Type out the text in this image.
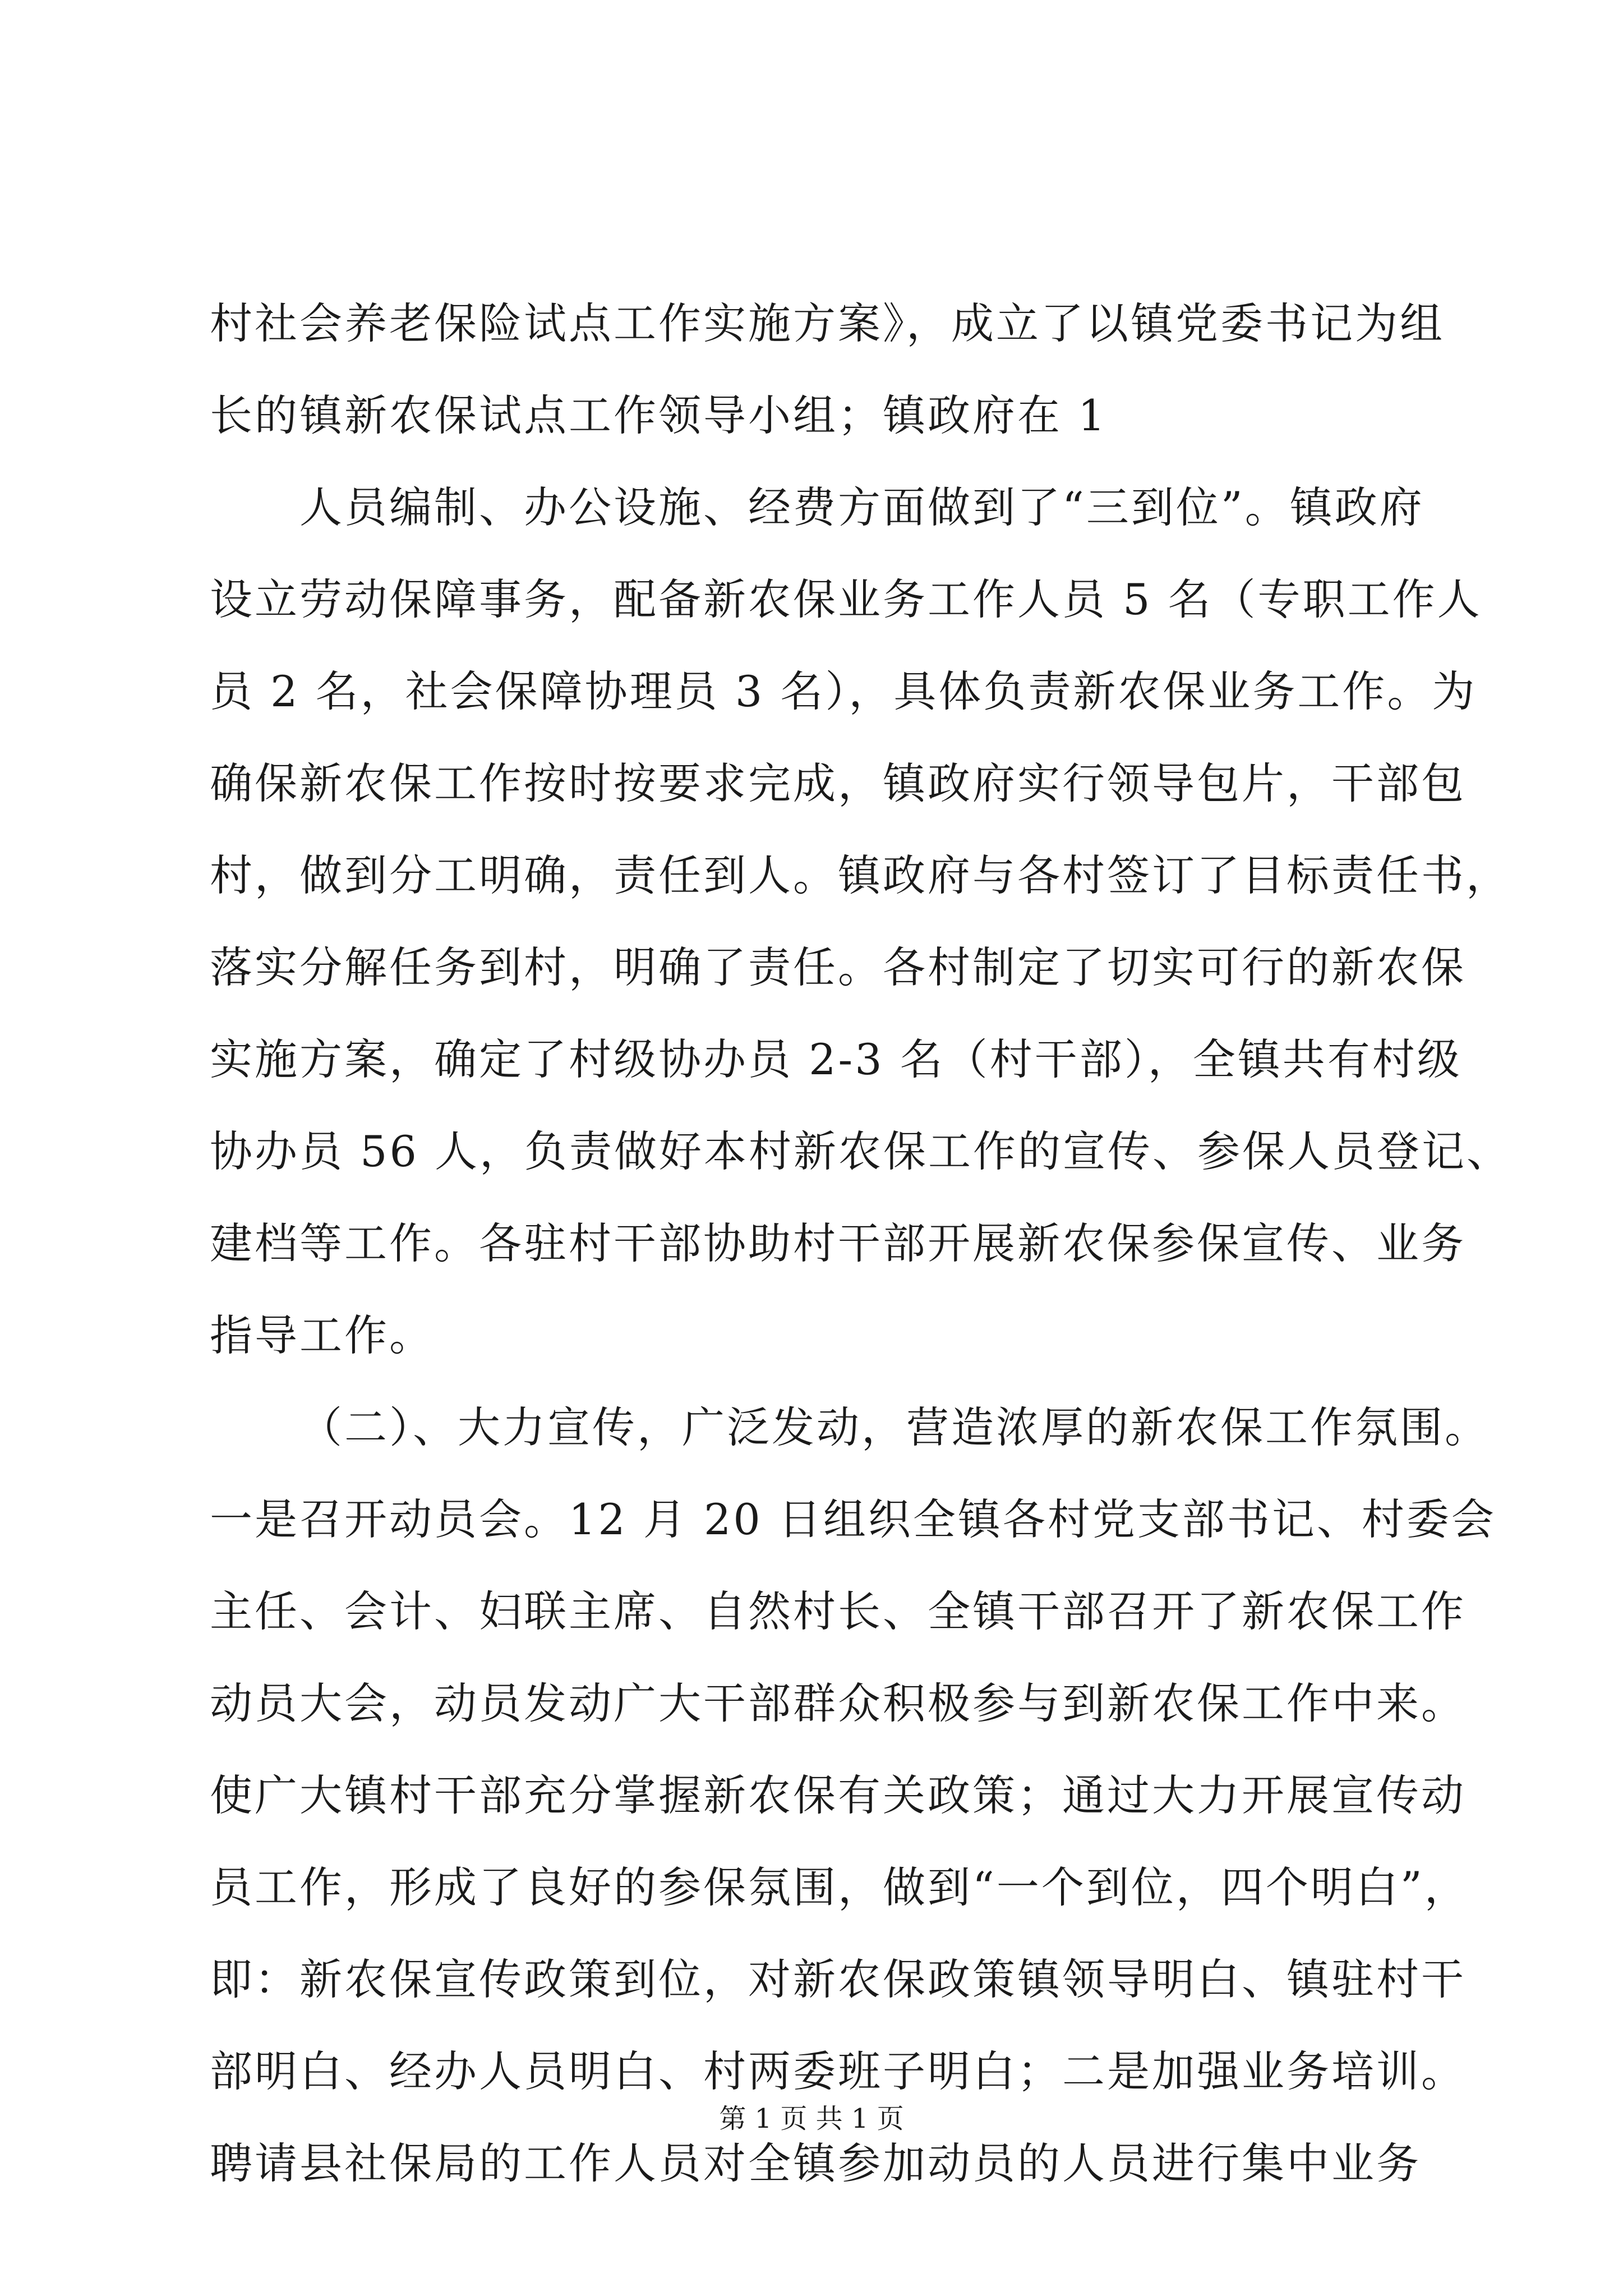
村社会养老保险试点工作实施方案》，成立了以镇党委书记为组
长的镇新农保试点工作领导小组；镇政府在 1
人员编制、办公设施、经费方面做到了“三到位”。镇政府
设立劳动保障事务，配备新农保业务工作人员 5 名（专职工作人
员 2 名，社会保障协理员 3 名），具体负责新农保业务工作。为
确保新农保工作按时按要求完成，镇政府实行领导包片，干部包
村，做到分工明确，责任到人。镇政府与各村签订了目标责任书，
落实分解任务到村，明确了责任。各村制定了切实可行的新农保
实施方案，确定了村级协办员 2-3 名（村干部），全镇共有村级
协办员 56 人，负责做好本村新农保工作的宣传、参保人员登记、
建档等工作。各驻村干部协助村干部开展新农保参保宣传、业务
指导工作。
（二）、大力宣传，广泛发动，营造浓厚的新农保工作氛围。
一是召开动员会。12 月 20 日组织全镇各村党支部书记、村委会
主任、会计、妇联主席、自然村长、全镇干部召开了新农保工作
动员大会，动员发动广大干部群众积极参与到新农保工作中来。
使广大镇村干部充分掌握新农保有关政策；通过大力开展宣传动
员工作，形成了良好的参保氛围，做到“一个到位，四个明白”，
即：新农保宣传政策到位，对新农保政策镇领导明白、镇驻村干
部明白、经办人员明白、村两委班子明白；二是加强业务培训。
聘请县社保局的工作人员对全镇参加动员的人员进行集中业务
第 1 页 共 1 页
